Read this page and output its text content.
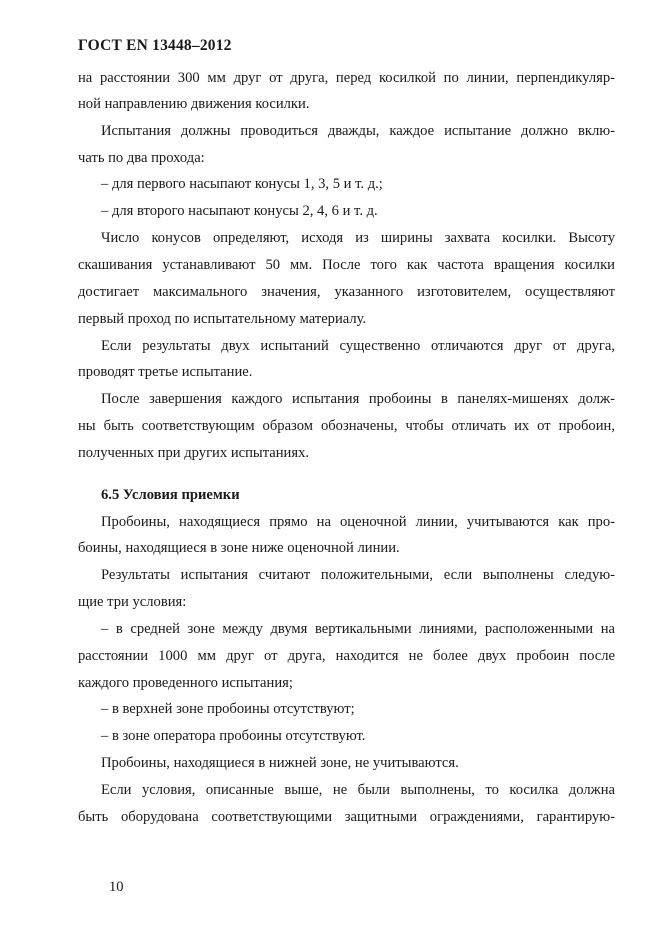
ГОСТ EN 13448–2012
на расстоянии 300 мм друг от друга, перед косилкой по линии, перпендикуляр-
ной направлению движения косилки.
Испытания должны проводиться дважды, каждое испытание должно вклю-
чать по два прохода:
– для первого насыпают конусы 1, 3, 5 и т. д.;
– для второго насыпают конусы 2, 4, 6 и т. д.
Число конусов определяют, исходя из ширины захвата косилки. Высоту
скашивания устанавливают 50 мм. После того как частота вращения косилки
достигает максимального значения, указанного изготовителем, осуществляют
первый проход по испытательному материалу.
Если результаты двух испытаний существенно отличаются друг от друга,
проводят третье испытание.
После завершения каждого испытания пробоины в панелях-мишенях долж-
ны быть соответствующим образом обозначены, чтобы отличать их от пробоин,
полученных при других испытаниях.
6.5 Условия приемки
Пробоины, находящиеся прямо на оценочной линии, учитываются как про-
боины, находящиеся в зоне ниже оценочной линии.
Результаты испытания считают положительными, если выполнены следую-
щие три условия:
– в средней зоне между двумя вертикальными линиями, расположенными на
расстоянии 1000 мм друг от друга, находится не более двух пробоин после
каждого проведенного испытания;
– в верхней зоне пробоины отсутствуют;
– в зоне оператора пробоины отсутствуют.
Пробоины, находящиеся в нижней зоне, не учитываются.
Если условия, описанные выше, не были выполнены, то косилка должна
быть оборудована соответствующими защитными ограждениями, гарантирую-
10
